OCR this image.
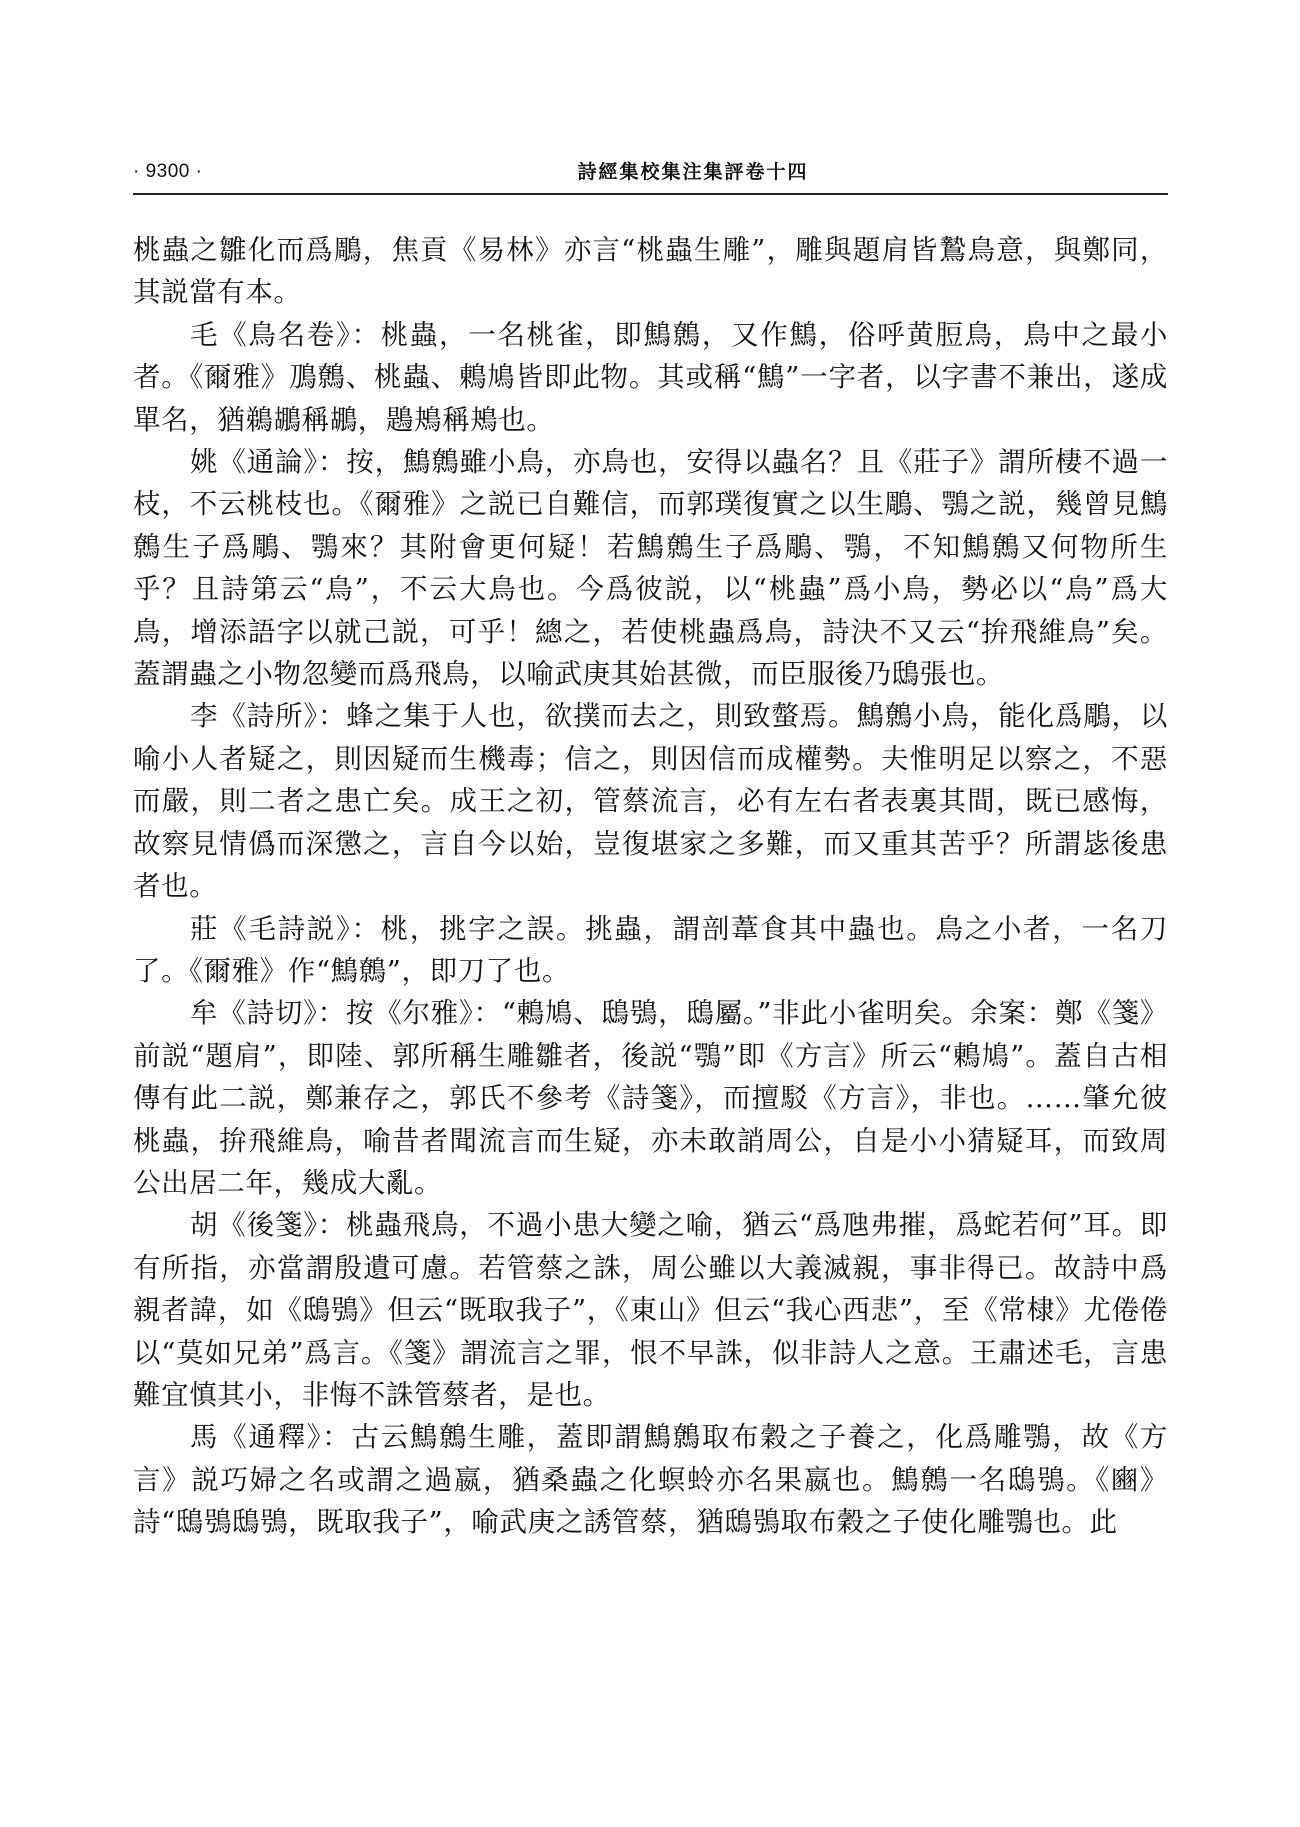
· 9300 ·	詩經集校集注集評卷十四

桃蟲之雛化而爲鵰，焦貢《易林》亦言“桃蟲生雕”，雕與題肩皆鷙鳥意，與鄭同，其説當有本。

毛《鳥名卷》：桃蟲，一名桃雀，即鷦鷯，又作鷦，俗呼黄脰鳥，鳥中之最小者。《爾雅》鳭鷯、桃蟲、鶇鳩皆即此物。其或稱“鷦”一字者，以字書不兼出，遂成單名，猶鵜鶘稱鶘，鶗鴂稱鴂也。

姚《通論》：按，鷦鷯雖小鳥，亦鳥也，安得以蟲名？且《莊子》謂所棲不過一枝，不云桃枝也。《爾雅》之説已自難信，而郭璞復實之以生鵰、鶚之説，幾曾見鷦鷯生子爲鵰、鶚來？其附會更何疑！若鷦鷯生子爲鵰、鶚，不知鷦鷯又何物所生乎？且詩第云“鳥”，不云大鳥也。今爲彼説，以“桃蟲”爲小鳥，勢必以“鳥”爲大鳥，增添語字以就己説，可乎！總之，若使桃蟲爲鳥，詩決不又云“拚飛維鳥”矣。蓋謂蟲之小物忽變而爲飛鳥，以喻武庚其始甚微，而臣服後乃鴟張也。

李《詩所》：蜂之集于人也，欲撲而去之，則致螫焉。鷦鷯小鳥，能化爲鵰，以喻小人者疑之，則因疑而生機毒；信之，則因信而成權勢。夫惟明足以察之，不惡而嚴，則二者之患亡矣。成王之初，管蔡流言，必有左右者表裏其間，既已感悔，故察見情僞而深懲之，言自今以始，豈復堪家之多難，而又重其苦乎？所謂毖後患者也。

莊《毛詩説》：桃，挑字之誤。挑蟲，謂剖葦食其中蟲也。鳥之小者，一名刀了。《爾雅》作“鷦鷯”，即刀了也。

牟《詩切》：按《尔雅》：“鶇鳩、鴟鴞，鴟屬。”非此小雀明矣。余案：鄭《箋》前説“題肩”，即陸、郭所稱生雕雛者，後説“鶚”即《方言》所云“鶇鳩”。蓋自古相傳有此二説，鄭兼存之，郭氏不參考《詩箋》，而擅駁《方言》，非也。……肇允彼桃蟲，拚飛維鳥，喻昔者聞流言而生疑，亦未敢誚周公，自是小小猜疑耳，而致周公出居二年，幾成大亂。

胡《後箋》：桃蟲飛鳥，不過小患大變之喻，猶云“爲虺弗摧，爲蛇若何”耳。即有所指，亦當謂殷遺可慮。若管蔡之誅，周公雖以大義滅親，事非得已。故詩中爲親者諱，如《鴟鴞》但云“既取我子”，《東山》但云“我心西悲”，至《常棣》尤倦倦以“莫如兄弟”爲言。《箋》謂流言之罪，恨不早誅，似非詩人之意。王肅述毛，言患難宜慎其小，非悔不誅管蔡者，是也。

馬《通釋》：古云鷦鷯生雕，蓋即謂鷦鷯取布穀之子養之，化爲雕鶚，故《方言》説巧婦之名或謂之過嬴，猶桑蟲之化螟蛉亦名果嬴也。鷦鷯一名鴟鴞。《豳》詩“鴟鴞鴟鴞，既取我子”，喻武庚之誘管蔡，猶鴟鴞取布穀之子使化雕鶚也。此
